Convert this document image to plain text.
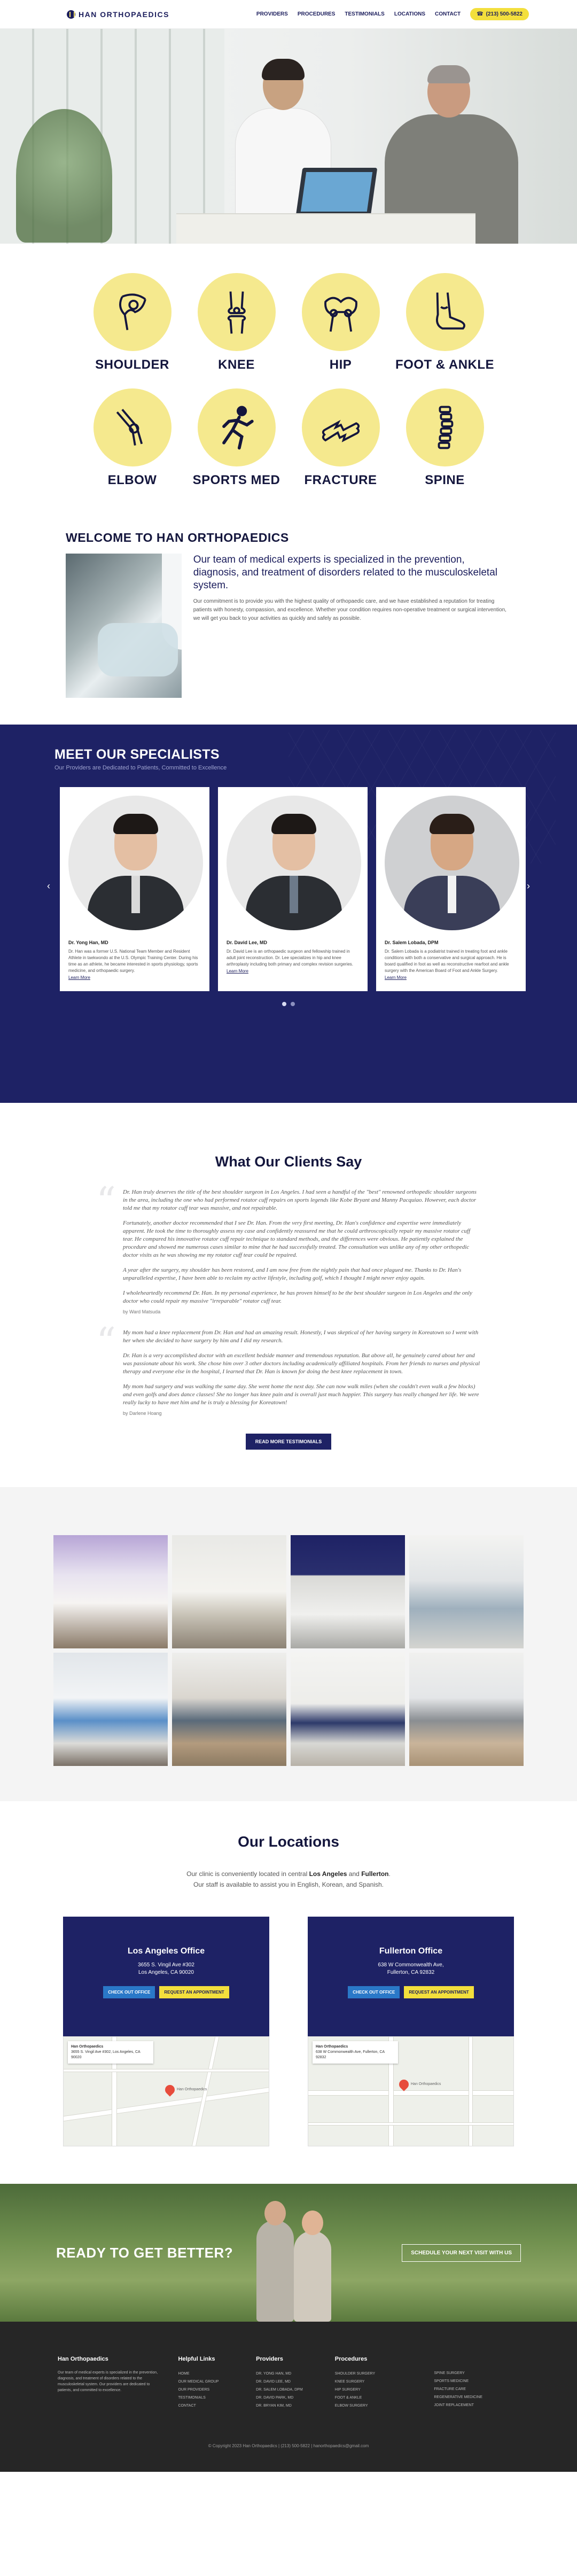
HAN ORTHOPAEDICS	PROVIDERS PROCEDURES TESTIMONIALS LOCATIONS CONTACT	☎ (213) 500-5822
SHOULDER	KNEE	HIP	FOOT & ANKLE
ELBOW	SPORTS MED FRACTURE	SPINE
WELCOME TO HAN ORTHOPAEDICS
Our team of medical experts is specialized in the prevention, diagnosis, and treatment of disorders related to the musculoskeletal system.

Our commitment is to provide you with the highest quality of orthopaedic care, and we have established a reputation for treating patients with honesty, compassion, and excellence. Whether your condition requires non-operative treatment or surgical intervention, we will get you back to your activities as quickly and safely as possible.

MEET OUR SPECIALISTS
Our Providers are Dedicated to Patients, Committed to Excellence
‹
Dr. Yong Han, MD
Dr. Han was a former U.S. National Team Member and Resident Athlete in taekwondo at the U.S. Olympic Training Center. During his time as an athlete, he became interested in sports physiology, sports medicine, and orthopaedic surgery.
Learn More
Dr. David Lee, MD
Dr. David Lee is an orthopaedic surgeon and fellowship trained in adult joint reconstruction. Dr. Lee specializes in hip and knee arthroplasty including both primary and complex revision surgeries.
Learn More
Dr. Salem Lobada, DPM
Dr. Salem Lobada is a podiatrist trained in treating foot and ankle conditions with both a conservative and surgical approach. He is board qualified in foot as well as reconstructive rearfoot and ankle surgery with the American Board of Foot and Ankle Surgery.
Learn More
›
What Our Clients Say
“ Dr. Han truly deserves the title of the best shoulder surgeon in Los Angeles. I had seen a handful of the "best" renowned orthopedic shoulder surgeons in the area, including the one who had performed rotator cuff repairs on sports legends like Kobe Bryant and Manny Pacquiao. However, each doctor told me that my rotator cuff tear was massive, and not repairable.

Fortunately, another doctor recommended that I see Dr. Han. From the very first meeting, Dr. Han's confidence and expertise were immediately apparent. He took the time to thoroughly assess my case and confidently reassured me that he could arthroscopically repair my massive rotator cuff tear. He compared his innovative rotator cuff repair technique to standard methods, and the differences were obvious. He patiently explained the procedure and showed me numerous cases similar to mine that he had successfully treated. The consultation was unlike any of my other orthopedic doctor visits as he was showing me my rotator cuff tear could be repaired.

A year after the surgery, my shoulder has been restored, and I am now free from the nightly pain that had once plagued me. Thanks to Dr. Han's unparalleled expertise, I have been able to reclaim my active lifestyle, including golf, which I thought I might never enjoy again.

I wholeheartedly recommend Dr. Han. In my personal experience, he has proven himself to be the best shoulder surgeon in Los Angeles and the only doctor who could repair my massive "irreparable" rotator cuff tear.

by Ward Matsuda

“ My mom had a knee replacement from Dr. Han and had an amazing result. Honestly, I was skeptical of her having surgery in Koreatown so I went with her when she decided to have surgery by him and I did my research.

Dr. Han is a very accomplished doctor with an excellent bedside manner and tremendous reputation. But above all, he genuinely cared about her and was passionate about his work. She chose him over 3 other doctors including academically affiliated hospitals. From her friends to nurses and physical therapy and everyone else in the hospital, I learned that Dr. Han is known for doing the best knee replacement in town.

My mom had surgery and was walking the same day. She went home the next day. She can now walk miles (when she couldn't even walk a few blocks) and even golfs and does dance classes! She no longer has knee pain and is overall just much happier. This surgery has really changed her life. We were really lucky to have met him and he is truly a blessing for Koreatown!

by Darlene Hoang

READ MORE TESTIMONIALS
Our Locations
Our clinic is conveniently located in central Los Angeles and Fullerton.
Our staff is available to assist you in English, Korean, and Spanish.
Los Angeles Office
3655 S. Vingil Ave #302
Los Angeles, CA 90020
CHECK OUT OFFICE	REQUEST AN APPOINTMENT
Han Orthopaedics
3655 S. Vingil Ave #302, Los Angeles, CA 90020
Han Orthopaedics
Fullerton Office
638 W Commonwealth Ave,
Fullerton, CA 92832
CHECK OUT OFFICE	REQUEST AN APPOINTMENT
Han Orthopaedics
638 W Commonwealth Ave, Fullerton, CA 92832
Han Orthopaedics
READY TO GET BETTER?	SCHEDULE YOUR NEXT VISIT WITH US
Han Orthopaedics
Our team of medical experts is specialized in the prevention, diagnosis, and treatment of disorders related to the musculoskeletal system. Our providers are dedicated to patients, and committed to excellence.
Helpful Links
HOME
OUR MEDICAL GROUP
OUR PROVIDERS
TESTIMONIALS
CONTACT
Providers
DR. YONG HAN, MD
DR. DAVID LEE, MD
DR. SALEM LOBADA, DPM
DR. DAVID PARK, MD
DR. BRYAN KIM, MD
Procedures
SHOULDER SURGERY
KNEE SURGERY
HIP SURGERY
FOOT & ANKLE
ELBOW SURGERY
SPINE SURGERY
SPORTS MEDICINE
FRACTURE CARE
REGENERATIVE MEDICINE
JOINT REPLACEMENT
© Copyright 2023 Han Orthopaedics | (213) 500-5822 | hanorthopaedics@gmail.com
